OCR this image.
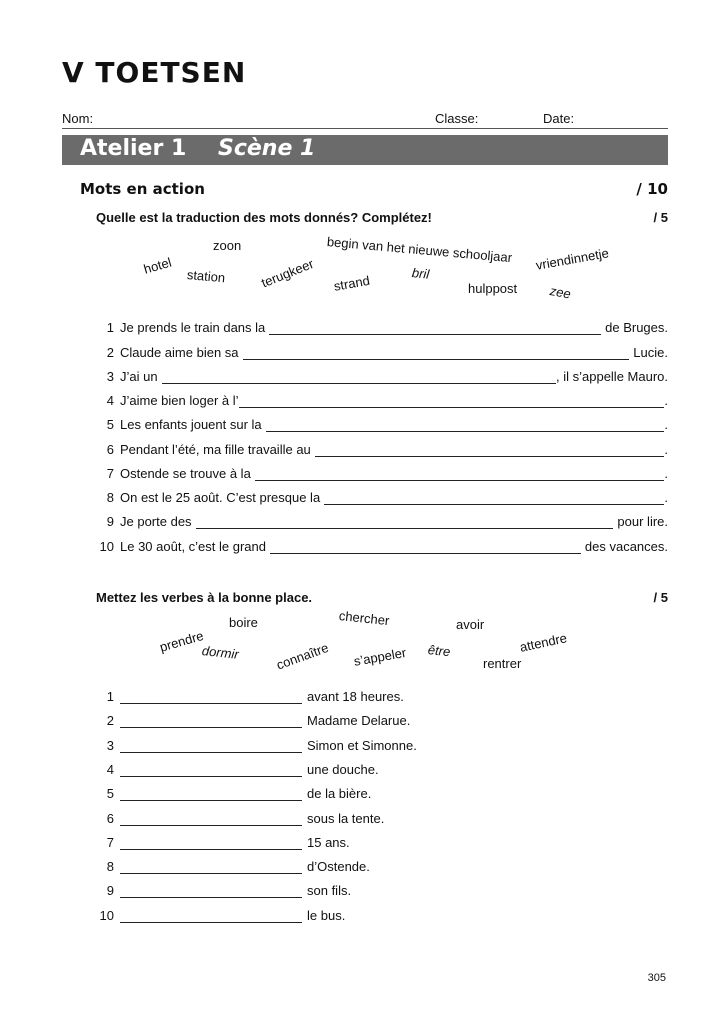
V TOETSEN
Nom:	Classe:	Date:
Atelier 1 Scène 1
Mots en action	/ 10
Quelle est la traduction des mots donnés? Complétez!	/ 5
zoon	begin van het nieuwe schooljaar vriendinnetje
hotel station	terugkeer strand	bril
hulppost zee
1 Je prends le train dans la	de Bruges.
2 Claude aime bien sa	Lucie.
3 J’ai un	, il s’appelle Mauro.
4 J’aime bien loger à l’	.
5 Les enfants jouent sur la	.
6 Pendant l’été, ma fille travaille au	.
7 Ostende se trouve à la	.
8 On est le 25 août. C’est presque la	.
9 Je porte des	pour lire.
10 Le 30 août, c’est le grand	des vacances.
Mettez les verbes à la bonne place.	/ 5
chercher
boire	avoir
prendre	attendre
dormir	connaître s’appeler être
rentrer
1	avant 18 heures.
2	Madame Delarue.
3	Simon et Simonne.
4	une douche.
5	de la bière.
6	sous la tente.
7	15 ans.
8	d’Ostende.
9	son fils.
10	le bus.
305
